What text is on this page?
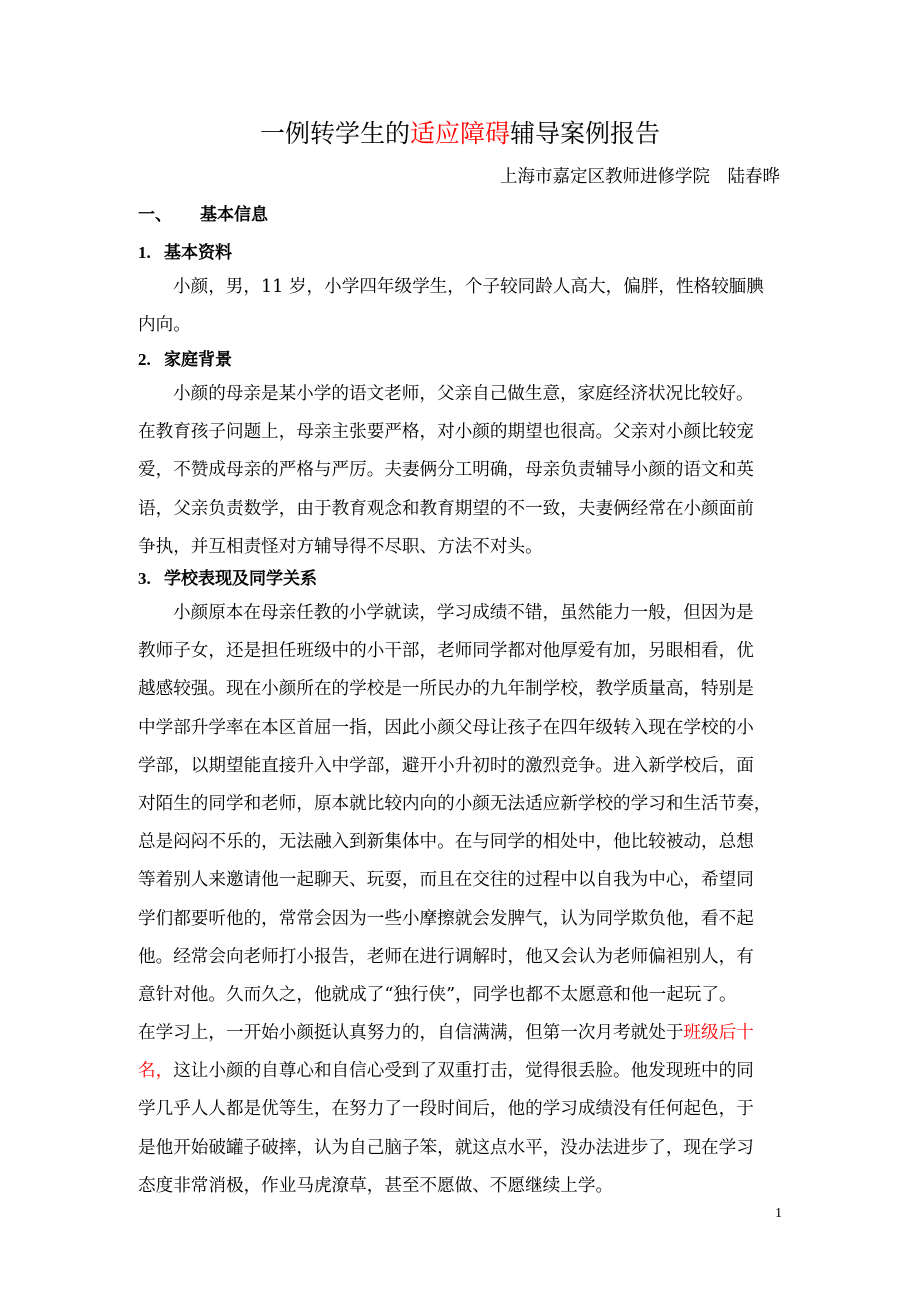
一例转学生的适应障碍辅导案例报告
上海市嘉定区教师进修学院　陆春晔
一、 基本信息
1. 基本资料
小颜，男，11 岁，小学四年级学生，个子较同龄人高大，偏胖，性格较腼腆
内向。
2. 家庭背景
小颜的母亲是某小学的语文老师，父亲自己做生意，家庭经济状况比较好。
在教育孩子问题上，母亲主张要严格，对小颜的期望也很高。父亲对小颜比较宠
爱，不赞成母亲的严格与严厉。夫妻俩分工明确，母亲负责辅导小颜的语文和英
语，父亲负责数学，由于教育观念和教育期望的不一致，夫妻俩经常在小颜面前
争执，并互相责怪对方辅导得不尽职、方法不对头。
3. 学校表现及同学关系
小颜原本在母亲任教的小学就读，学习成绩不错，虽然能力一般，但因为是
教师子女，还是担任班级中的小干部，老师同学都对他厚爱有加，另眼相看，优
越感较强。现在小颜所在的学校是一所民办的九年制学校，教学质量高，特别是
中学部升学率在本区首屈一指，因此小颜父母让孩子在四年级转入现在学校的小
学部，以期望能直接升入中学部，避开小升初时的激烈竞争。进入新学校后，面
对陌生的同学和老师，原本就比较内向的小颜无法适应新学校的学习和生活节奏，
总是闷闷不乐的，无法融入到新集体中。在与同学的相处中，他比较被动，总想
等着别人来邀请他一起聊天、玩耍，而且在交往的过程中以自我为中心，希望同
学们都要听他的，常常会因为一些小摩擦就会发脾气，认为同学欺负他，看不起
他。经常会向老师打小报告，老师在进行调解时，他又会认为老师偏袒别人，有
意针对他。久而久之，他就成了“独行侠”，同学也都不太愿意和他一起玩了。
在学习上，一开始小颜挺认真努力的，自信满满，但第一次月考就处于班级后十
名，这让小颜的自尊心和自信心受到了双重打击，觉得很丢脸。他发现班中的同
学几乎人人都是优等生，在努力了一段时间后，他的学习成绩没有任何起色，于
是他开始破罐子破摔，认为自己脑子笨，就这点水平，没办法进步了，现在学习
态度非常消极，作业马虎潦草，甚至不愿做、不愿继续上学。
1
